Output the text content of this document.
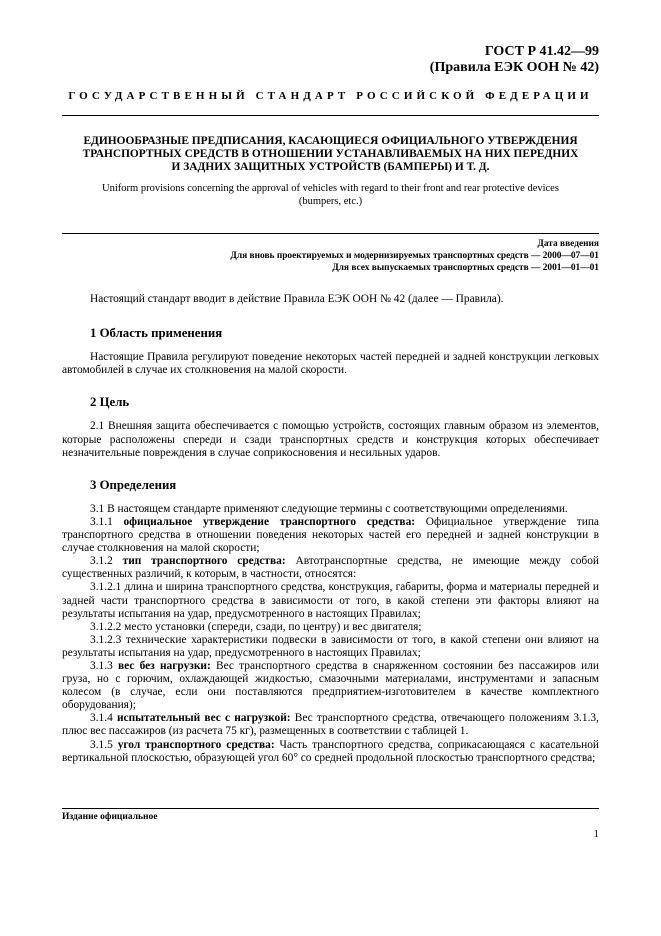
ГОСТ Р 41.42—99
(Правила ЕЭК ООН № 42)
ГОСУДАРСТВЕННЫЙ СТАНДАРТ РОССИЙСКОЙ ФЕДЕРАЦИИ
ЕДИНООБРАЗНЫЕ ПРЕДПИСАНИЯ, КАСАЮЩИЕСЯ ОФИЦИАЛЬНОГО УТВЕРЖДЕНИЯ
ТРАНСПОРТНЫХ СРЕДСТВ В ОТНОШЕНИИ УСТАНАВЛИВАЕМЫХ НА НИХ ПЕРЕДНИХ
И ЗАДНИХ ЗАЩИТНЫХ УСТРОЙСТВ (БАМПЕРЫ) И Т. Д.
Uniform provisions concerning the approval of vehicles with regard to their front and rear protective devices
(bumpers, etc.)
Дата введения
Для вновь проектируемых и модернизируемых транспортных средств — 2000—07—01
Для всех выпускаемых транспортных средств — 2001—01—01

Настоящий стандарт вводит в действие Правила ЕЭК ООН № 42 (далее — Правила).

1 Область применения

Настоящие Правила регулируют поведение некоторых частей передней и задней конструкции легковых автомобилей в случае их столкновения на малой скорости.

2 Цель

2.1 Внешняя защита обеспечивается с помощью устройств, состоящих главным образом из элементов, которые расположены спереди и сзади транспортных средств и конструкция которых обеспечивает незначительные повреждения в случае соприкосновения и несильных ударов.

3 Определения

3.1 В настоящем стандарте применяют следующие термины с соответствующими определениями.

3.1.1 официальное утверждение транспортного средства: Официальное утверждение типа транспортного средства в отношении поведения некоторых частей его передней и задней конструкции в случае столкновения на малой скорости;

3.1.2 тип транспортного средства: Автотранспортные средства, не имеющие между собой существенных различий, к которым, в частности, относятся:

3.1.2.1 длина и ширина транспортного средства, конструкция, габариты, форма и материалы передней и задней части транспортного средства в зависимости от того, в какой степени эти факторы влияют на результаты испытания на удар, предусмотренного в настоящих Правилах;

3.1.2.2 место установки (спереди, сзади, по центру) и вес двигателя;

3.1.2.3 технические характеристики подвески в зависимости от того, в какой степени они влияют на результаты испытания на удар, предусмотренного в настоящих Правилах;

3.1.3 вес без нагрузки: Вес транспортного средства в снаряженном состоянии без пассажиров или груза, но с горючим, охлаждающей жидкостью, смазочными материалами, инструментами и запасным колесом (в случае, если они поставляются предприятием-изготовителем в качестве комплектного оборудования);

3.1.4 испытательный вес с нагрузкой: Вес транспортного средства, отвечающего положениям 3.1.3, плюс вес пассажиров (из расчета 75 кг), размещенных в соответствии с таблицей 1.

3.1.5 угол транспортного средства: Часть транспортного средства, соприкасающаяся с касательной вертикальной плоскостью, образующей угол 60° со средней продольной плоскостью транспортного средства;

Издание официальное
1
